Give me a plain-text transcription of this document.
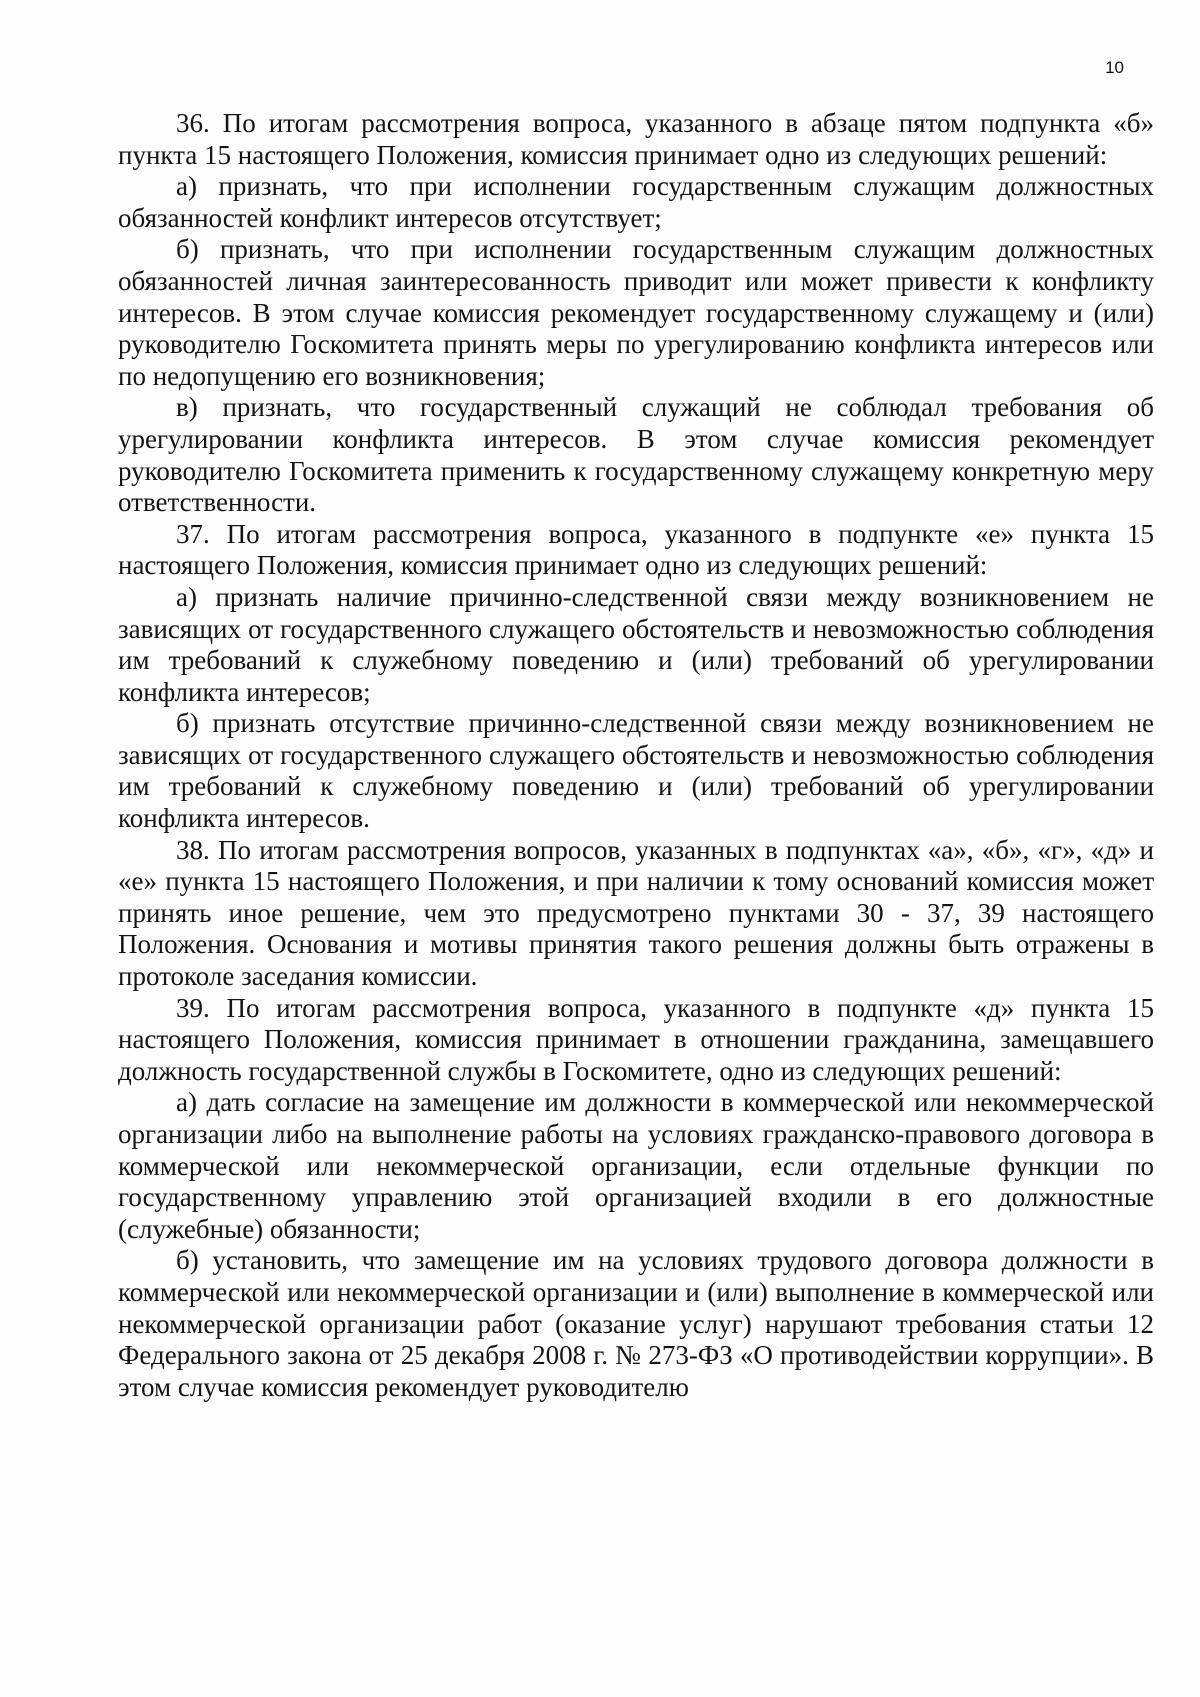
10

36. По итогам рассмотрения вопроса, указанного в абзаце пятом подпункта «б» пункта 15 настоящего Положения, комиссия принимает одно из следующих решений:

а) признать, что при исполнении государственным служащим должностных обязанностей конфликт интересов отсутствует;

б) признать, что при исполнении государственным служащим должностных обязанностей личная заинтересованность приводит или может привести к конфликту интересов. В этом случае комиссия рекомендует государственному служащему и (или) руководителю Госкомитета принять меры по урегулированию конфликта интересов или по недопущению его возникновения;

в) признать, что государственный служащий не соблюдал требования об урегулировании конфликта интересов. В этом случае комиссия рекомендует руководителю Госкомитета применить к государственному служащему конкретную меру ответственности.

37. По итогам рассмотрения вопроса, указанного в подпункте «е» пункта 15 настоящего Положения, комиссия принимает одно из следующих решений:

а) признать наличие причинно-следственной связи между возникновением не зависящих от государственного служащего обстоятельств и невозможностью соблюдения им требований к служебному поведению и (или) требований об урегулировании конфликта интересов;

б) признать отсутствие причинно-следственной связи между возникновением не зависящих от государственного служащего обстоятельств и невозможностью соблюдения им требований к служебному поведению и (или) требований об урегулировании конфликта интересов.

38. По итогам рассмотрения вопросов, указанных в подпунктах «а», «б», «г», «д» и «е» пункта 15 настоящего Положения, и при наличии к тому оснований комиссия может принять иное решение, чем это предусмотрено пунктами 30 - 37, 39 настоящего Положения. Основания и мотивы принятия такого решения должны быть отражены в протоколе заседания комиссии.

39. По итогам рассмотрения вопроса, указанного в подпункте «д» пункта 15 настоящего Положения, комиссия принимает в отношении гражданина, замещавшего должность государственной службы в Госкомитете, одно из следующих решений:

а) дать согласие на замещение им должности в коммерческой или некоммерческой организации либо на выполнение работы на условиях гражданско-правового договора в коммерческой или некоммерческой организации, если отдельные функции по государственному управлению этой организацией входили в его должностные (служебные) обязанности;

б) установить, что замещение им на условиях трудового договора должности в коммерческой или некоммерческой организации и (или) выполнение в коммерческой или некоммерческой организации работ (оказание услуг) нарушают требования статьи 12 Федерального закона от 25 декабря 2008 г. № 273-ФЗ «О противодействии коррупции». В этом случае комиссия рекомендует руководителю
